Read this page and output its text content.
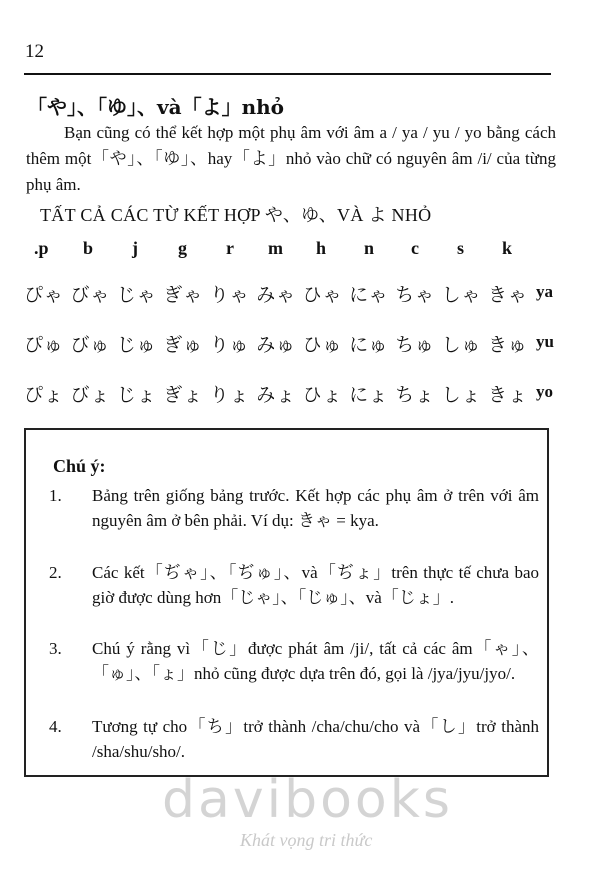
12
「や」、「ゆ」、và「よ」nhỏ

Bạn cũng có thể kết hợp một phụ âm với âm a / ya / yu / yo bằng cách thêm một「や」、「ゆ」、hay「よ」nhỏ vào chữ có nguyên âm /i/ của từng phụ âm.

TẤT CẢ CÁC TỪ KẾT HỢP や、ゆ、VÀ よ NHỎ
.p b j g r m h n c s k
ぴゃ びゃ じゃ ぎゃ りゃ みゃ ひゃ にゃ ちゃ しゃ きゃ ya
ぴゅ びゅ じゅ ぎゅ りゅ みゅ ひゅ にゅ ちゅ しゅ きゅ yu
ぴょ びょ じょ ぎょ りょ みょ ひょ にょ ちょ しょ きょ yo
Chú ý:
1. Bảng trên giống bảng trước. Kết hợp các phụ âm ở trên với âm nguyên âm ở bên phải. Ví dụ: きゃ = kya.
2. Các kết「ぢゃ」、「ぢゅ」、và「ぢょ」trên thực tế chưa bao giờ được dùng hơn「じゃ」、「じゅ」、và「じょ」.
3. Chú ý rằng vì「じ」được phát âm /ji/, tất cả các âm「ゃ」、「ゅ」、「ょ」nhỏ cũng được dựa trên đó, gọi là /jya/jyu/jyo/.
4. Tương tự cho「ち」trở thành /cha/chu/cho và「し」trở thành /sha/shu/sho/.
davibooks
Khát vọng tri thức
